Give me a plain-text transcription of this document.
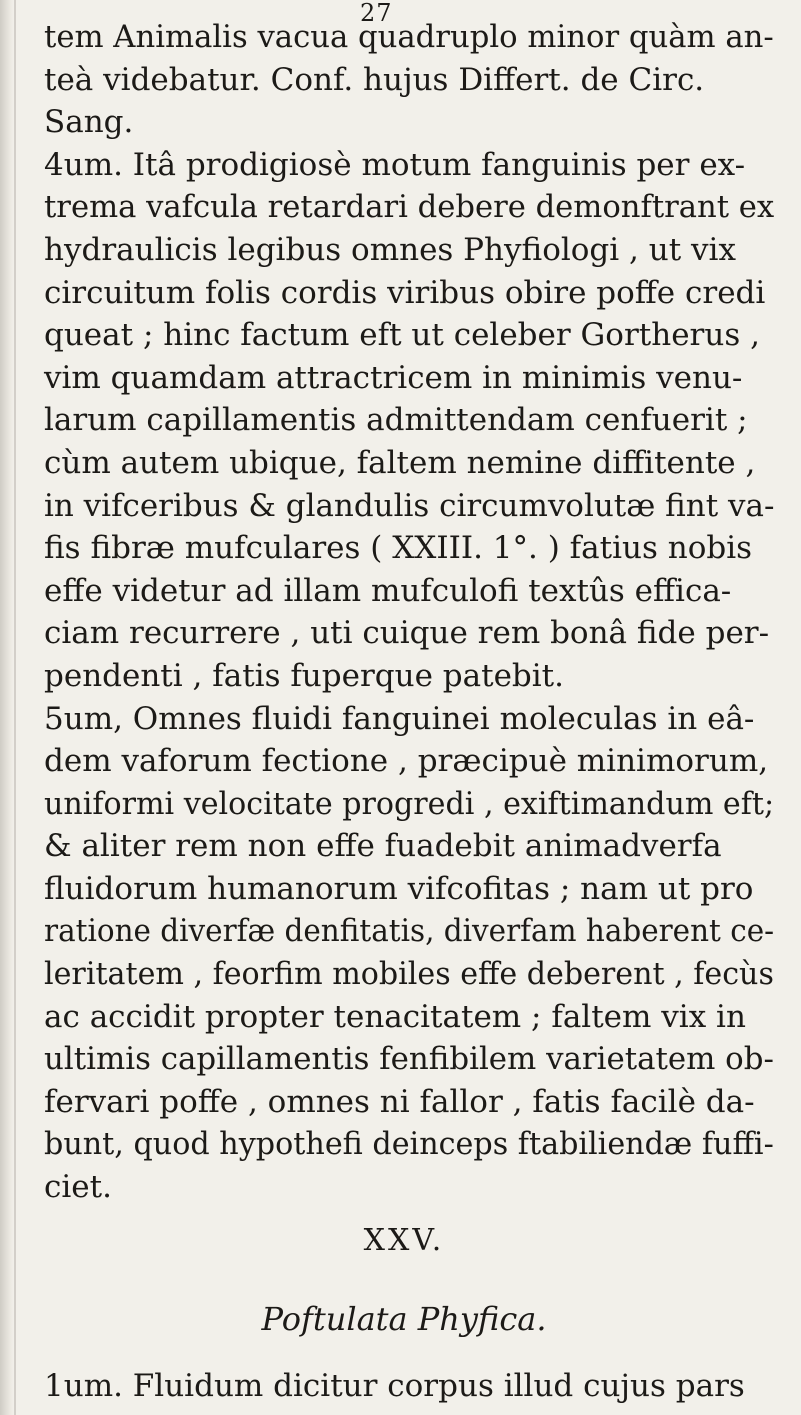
27
tem Animalis vacua quadruplo minor quàm an-
teà videbatur. Conf. hujus Differt. de Circ.
Sang.
4um. Itâ prodigiosè motum fanguinis per ex-
trema vafcula retardari debere demonftrant ex
hydraulicis legibus omnes Phyfiologi , ut vix
circuitum folis cordis viribus obire poffe credi
queat ; hinc factum eft ut celeber Gortherus ,
vim quamdam attractricem in minimis venu-
larum capillamentis admittendam cenfuerit ;
cùm autem ubique, faltem nemine diffitente ,
in vifceribus & glandulis circumvolutæ fint va-
fis fibræ mufculares ( XXIII. 1°. ) fatius nobis
effe videtur ad illam mufculofi textûs effica-
ciam recurrere , uti cuique rem bonâ fide per-
pendenti , fatis fuperque patebit.
5um, Omnes fluidi fanguinei moleculas in eâ-
dem vaforum fectione , præcipuè minimorum,
uniformi velocitate progredi , exiftimandum eft;
& aliter rem non effe fuadebit animadverfa
fluidorum humanorum vifcofitas ; nam ut pro
ratione diverfæ denfitatis, diverfam haberent ce-
leritatem , feorfim mobiles effe deberent , fecùs
ac accidit propter tenacitatem ; faltem vix in
ultimis capillamentis fenfibilem varietatem ob-
fervari poffe , omnes ni fallor , fatis facilè da-
bunt, quod hypothefi deinceps ftabiliendæ fuffi-
ciet.
XXV.
Poftulata Phyfica.
1um. Fluidum dicitur corpus illud cujus pars
